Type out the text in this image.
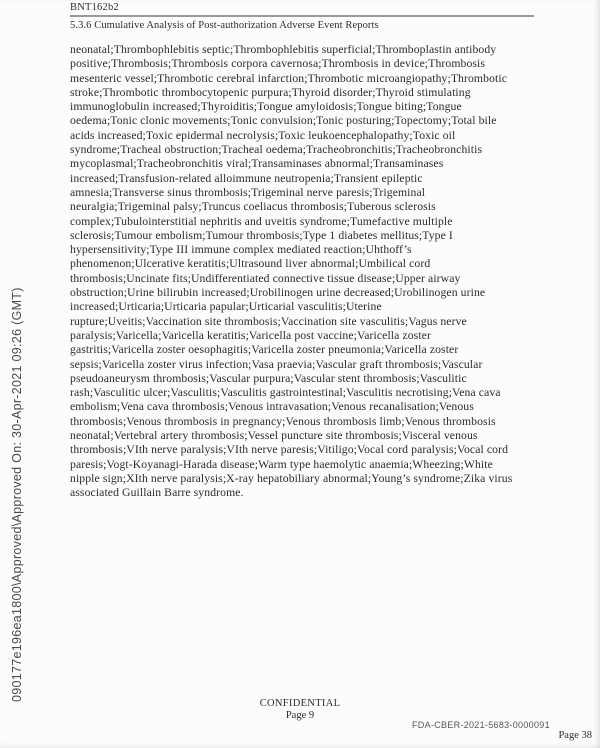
090177e196ea1800\Approved\Approved On: 30-Apr-2021 09:26 (GMT)
BNT162b2
5.3.6 Cumulative Analysis of Post-authorization Adverse Event Reports
neonatal;Thrombophlebitis septic;Thrombophlebitis superficial;Thromboplastin antibody
positive;Thrombosis;Thrombosis corpora cavernosa;Thrombosis in device;Thrombosis
mesenteric vessel;Thrombotic cerebral infarction;Thrombotic microangiopathy;Thrombotic
stroke;Thrombotic thrombocytopenic purpura;Thyroid disorder;Thyroid stimulating
immunoglobulin increased;Thyroiditis;Tongue amyloidosis;Tongue biting;Tongue
oedema;Tonic clonic movements;Tonic convulsion;Tonic posturing;Topectomy;Total bile
acids increased;Toxic epidermal necrolysis;Toxic leukoencephalopathy;Toxic oil
syndrome;Tracheal obstruction;Tracheal oedema;Tracheobronchitis;Tracheobronchitis
mycoplasmal;Tracheobronchitis viral;Transaminases abnormal;Transaminases
increased;Transfusion-related alloimmune neutropenia;Transient epileptic
amnesia;Transverse sinus thrombosis;Trigeminal nerve paresis;Trigeminal
neuralgia;Trigeminal palsy;Truncus coeliacus thrombosis;Tuberous sclerosis
complex;Tubulointerstitial nephritis and uveitis syndrome;Tumefactive multiple
sclerosis;Tumour embolism;Tumour thrombosis;Type 1 diabetes mellitus;Type I
hypersensitivity;Type III immune complex mediated reaction;Uhthoff’s
phenomenon;Ulcerative keratitis;Ultrasound liver abnormal;Umbilical cord
thrombosis;Uncinate fits;Undifferentiated connective tissue disease;Upper airway
obstruction;Urine bilirubin increased;Urobilinogen urine decreased;Urobilinogen urine
increased;Urticaria;Urticaria papular;Urticarial vasculitis;Uterine
rupture;Uveitis;Vaccination site thrombosis;Vaccination site vasculitis;Vagus nerve
paralysis;Varicella;Varicella keratitis;Varicella post vaccine;Varicella zoster
gastritis;Varicella zoster oesophagitis;Varicella zoster pneumonia;Varicella zoster
sepsis;Varicella zoster virus infection;Vasa praevia;Vascular graft thrombosis;Vascular
pseudoaneurysm thrombosis;Vascular purpura;Vascular stent thrombosis;Vasculitic
rash;Vasculitic ulcer;Vasculitis;Vasculitis gastrointestinal;Vasculitis necrotising;Vena cava
embolism;Vena cava thrombosis;Venous intravasation;Venous recanalisation;Venous
thrombosis;Venous thrombosis in pregnancy;Venous thrombosis limb;Venous thrombosis
neonatal;Vertebral artery thrombosis;Vessel puncture site thrombosis;Visceral venous
thrombosis;VIth nerve paralysis;VIth nerve paresis;Vitiligo;Vocal cord paralysis;Vocal cord
paresis;Vogt-Koyanagi-Harada disease;Warm type haemolytic anaemia;Wheezing;White
nipple sign;XIth nerve paralysis;X-ray hepatobiliary abnormal;Young’s syndrome;Zika virus
associated Guillain Barre syndrome.
CONFIDENTIAL
Page 9
FDA-CBER-2021-5683-0000091
Page 38
